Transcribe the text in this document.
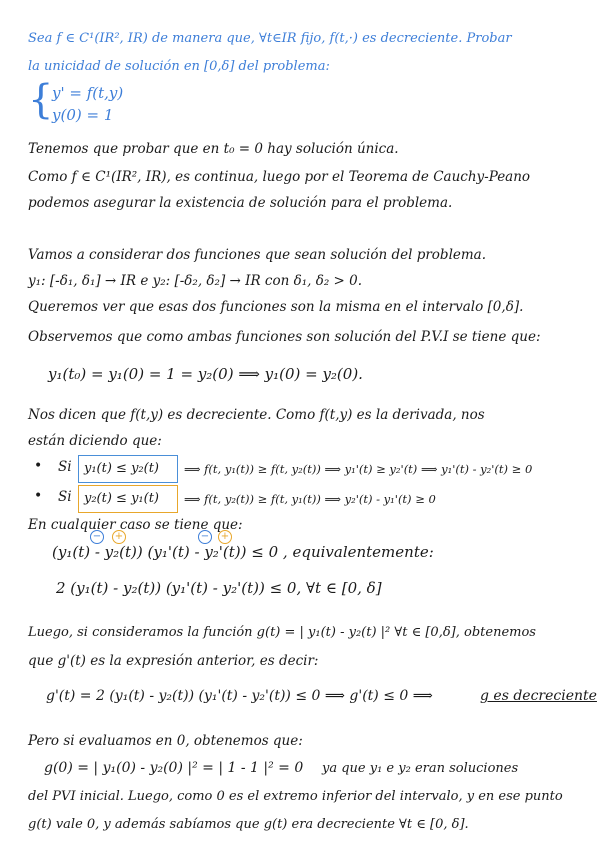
Sea f ∈ C¹(IR², IR) de manera que, ∀t∈IR fijo, f(t,·) es decreciente. Probar
la unicidad de solución en [0,δ] del problema:
{
y' = f(t,y)
y(0) = 1
Tenemos que probar que en t₀ = 0 hay solución única.
Como f ∈ C¹(IR², IR), es continua, luego por el Teorema de Cauchy-Peano
podemos asegurar la existencia de solución para el problema.
Vamos a considerar dos funciones que sean solución del problema.
y₁: [-δ₁, δ₁] → IR e y₂: [-δ₂, δ₂] → IR con δ₁, δ₂ > 0.
Queremos ver que esas dos funciones son la misma en el intervalo [0,δ].
Observemos que como ambas funciones son solución del P.V.I se tiene que:
y₁(t₀) = y₁(0) = 1 = y₂(0) ⟹ y₁(0) = y₂(0).
Nos dicen que f(t,y) es decreciente. Como f(t,y) es la derivada, nos
están diciendo que:
• Si y₁(t) ≤ y₂(t) ⟹ f(t, y₁(t)) ≥ f(t, y₂(t)) ⟹ y₁'(t) ≥ y₂'(t) ⟹ y₁'(t) - y₂'(t) ≥ 0
• Si y₂(t) ≤ y₁(t) ⟹ f(t, y₂(t)) ≥ f(t, y₁(t)) ⟹ y₂'(t) - y₁'(t) ≥ 0
En cualquier caso se tiene que:
− +	− +
(y₁(t) - y₂(t)) (y₁'(t) - y₂'(t)) ≤ 0 , equivalentemente:
2 (y₁(t) - y₂(t)) (y₁'(t) - y₂'(t)) ≤ 0, ∀t ∈ [0, δ]
Luego, si consideramos la función g(t) = | y₁(t) - y₂(t) |² ∀t ∈ [0,δ], obtenemos
que g'(t) es la expresión anterior, es decir:
g'(t) = 2 (y₁(t) - y₂(t)) (y₁'(t) - y₂'(t)) ≤ 0 ⟹ g'(t) ≤ 0 ⟹	g es decreciente
Pero si evaluamos en 0, obtenemos que:
g(0) = | y₁(0) - y₂(0) |² = | 1 - 1 |² = 0 ya que y₁ e y₂ eran soluciones
del PVI inicial. Luego, como 0 es el extremo inferior del intervalo, y en ese punto
g(t) vale 0, y además sabíamos que g(t) era decreciente ∀t ∈ [0, δ].
